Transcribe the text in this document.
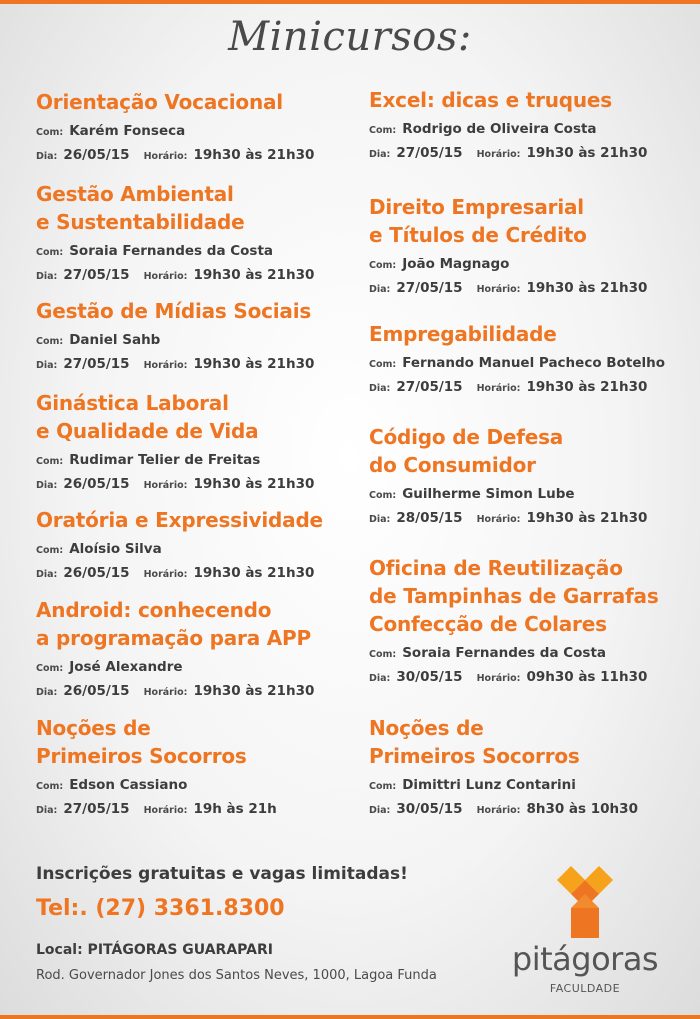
Minicursos:
Orientação Vocacional
Com: Karém Fonseca
Dia: 26/05/15 Horário: 19h30 às 21h30
Gestão Ambiental
e Sustentabilidade
Com: Soraia Fernandes da Costa
Dia: 27/05/15 Horário: 19h30 às 21h30
Gestão de Mídias Sociais
Com: Daniel Sahb
Dia: 27/05/15 Horário: 19h30 às 21h30
Ginástica Laboral
e Qualidade de Vida
Com: Rudimar Telier de Freitas
Dia: 26/05/15 Horário: 19h30 às 21h30
Oratória e Expressividade
Com: Aloísio Silva
Dia: 26/05/15 Horário: 19h30 às 21h30
Android: conhecendo
a programação para APP
Com: José Alexandre
Dia: 26/05/15 Horário: 19h30 às 21h30
Noções de
Primeiros Socorros
Com: Edson Cassiano
Dia: 27/05/15 Horário: 19h às 21h
Excel: dicas e truques
Com: Rodrigo de Oliveira Costa
Dia: 27/05/15 Horário: 19h30 às 21h30
Direito Empresarial
e Títulos de Crédito
Com: João Magnago
Dia: 27/05/15 Horário: 19h30 às 21h30
Empregabilidade
Com: Fernando Manuel Pacheco Botelho
Dia: 27/05/15 Horário: 19h30 às 21h30
Código de Defesa
do Consumidor
Com: Guilherme Simon Lube
Dia: 28/05/15 Horário: 19h30 às 21h30
Oficina de Reutilização
de Tampinhas de Garrafas
Confecção de Colares
Com: Soraia Fernandes da Costa
Dia: 30/05/15 Horário: 09h30 às 11h30
Noções de
Primeiros Socorros
Com: Dimittri Lunz Contarini
Dia: 30/05/15 Horário: 8h30 às 10h30
Inscrições gratuitas e vagas limitadas!
Tel:. (27) 3361.8300
Local: PITÁGORAS GUARAPARI
Rod. Governador Jones dos Santos Neves, 1000, Lagoa Funda pitágoras
FACULDADE
